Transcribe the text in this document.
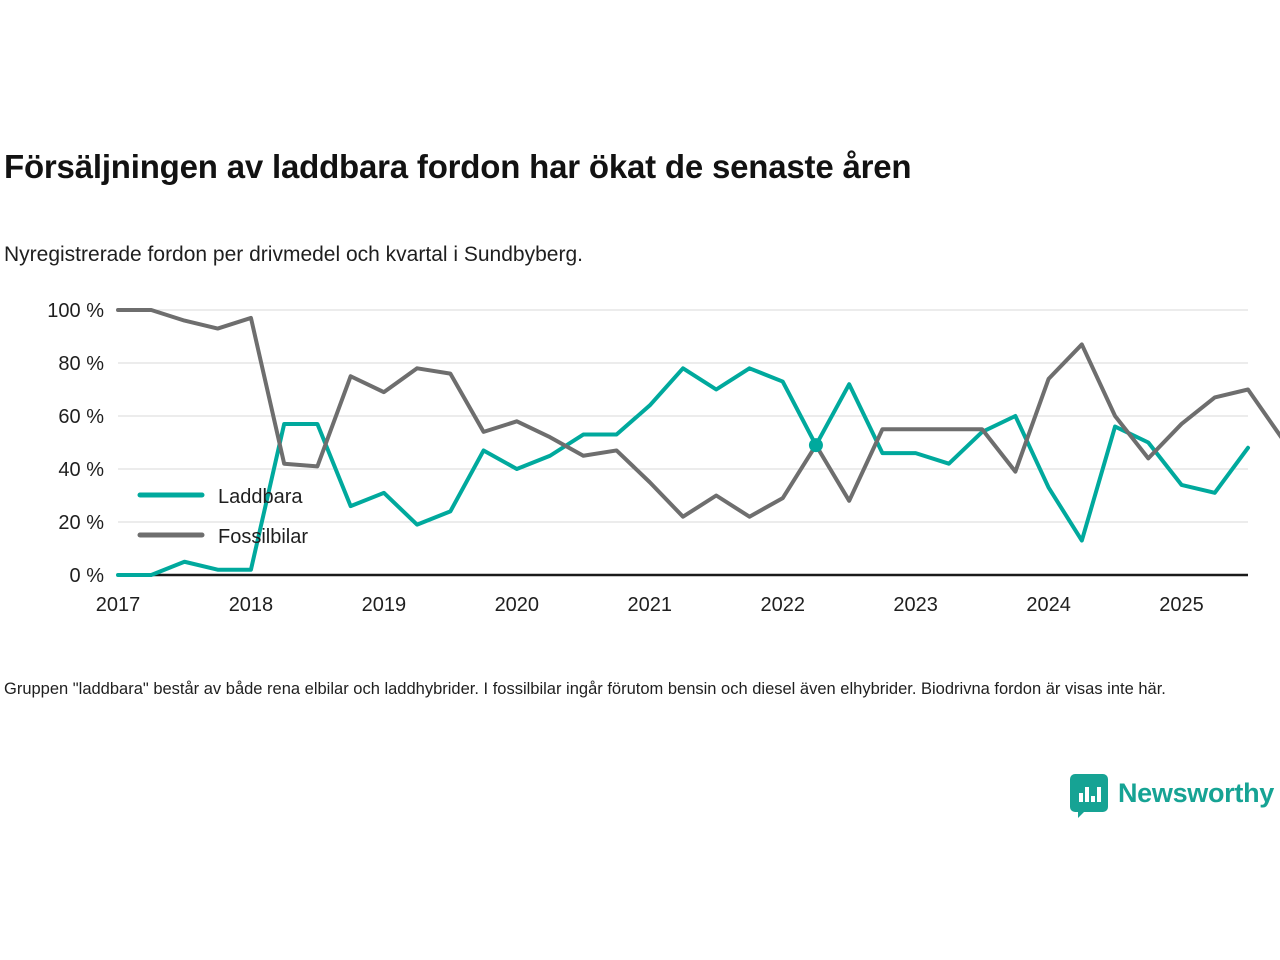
Försäljningen av laddbara fordon har ökat de senaste åren
Nyregistrerade fordon per drivmedel och kvartal i Sundbyberg.
0 %
20 %
40 %
60 %
80 %
100 %
2017	2018	2019	2020	2021	2022	2023	2024	2025
Laddbara
Fossilbilar
Gruppen "laddbara" består av både rena elbilar och laddhybrider. I fossilbilar ingår förutom bensin och diesel även elhybrider. Biodrivna fordon är visas inte här.
Newsworthy
